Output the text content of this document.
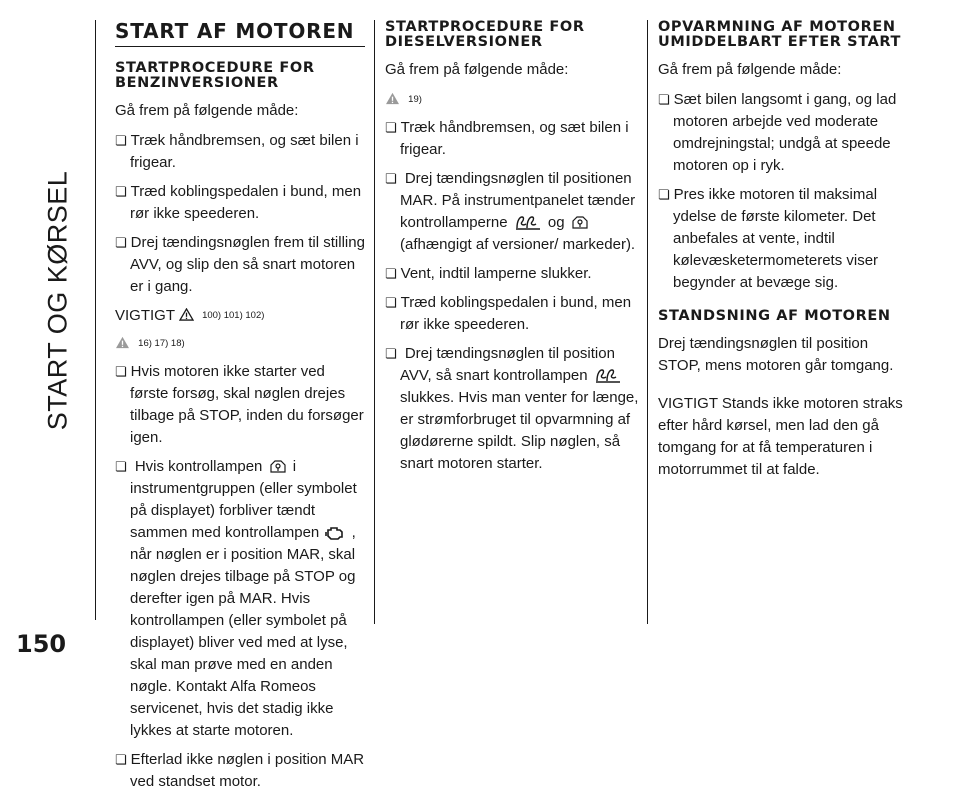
START OG KØRSEL
150
START AF MOTOREN
STARTPROCEDURE FOR BENZINVERSIONER

Gå frem på følgende måde:

❏ Træk håndbremsen, og sæt bilen i frigear.
❏ Træd koblingspedalen i bund, men rør ikke speederen.
❏ Drej tændingsnøglen frem til stilling AVV, og slip den så snart motoren er i gang.
VIGTIGT	100) 101) 102)
16) 17) 18)
❏ Hvis motoren ikke starter ved første forsøg, skal nøglen drejes tilbage på STOP, inden du forsøger igen.
❏ Hvis kontrollampen i instrumentgruppen (eller symbolet på displayet) forbliver tændt sammen med kontrollampen , når nøglen er i position MAR, skal nøglen drejes tilbage på STOP og derefter igen på MAR. Hvis kontrollampen (eller symbolet på displayet) bliver ved med at lyse, skal man prøve med en anden nøgle. Kontakt Alfa Romeos servicenet, hvis det stadig ikke lykkes at starte motoren.
❏ Efterlad ikke nøglen i position MAR ved standset motor.
STARTPROCEDURE FOR DIESELVERSIONER

Gå frem på følgende måde:

19)
❏ Træk håndbremsen, og sæt bilen i frigear.
❏ Drej tændingsnøglen til positionen MAR. På instrumentpanelet tænder kontrollamperne	og  (afhængigt af versioner/ markeder).
❏ Vent, indtil lamperne slukker.
❏ Træd koblingspedalen i bund, men rør ikke speederen.
❏ Drej tændingsnøglen til position AVV, så snart kontrollampen  slukkes. Hvis man venter for længe, er strømforbruget til opvarmning af glødørerne spildt. Slip nøglen, så snart motoren starter.
OPVARMNING AF MOTOREN UMIDDELBART EFTER START

Gå frem på følgende måde:

❏ Sæt bilen langsomt i gang, og lad motoren arbejde ved moderate omdrejningstal; undgå at speede motoren op i ryk.
❏ Pres ikke motoren til maksimal ydelse de første kilometer. Det anbefales at vente, indtil kølevæsketermometerets viser begynder at bevæge sig.
STANDSNING AF MOTOREN

Drej tændingsnøglen til position STOP, mens motoren går tomgang.

VIGTIGT Stands ikke motoren straks efter hård kørsel, men lad den gå tomgang for at få temperaturen i motorrummet til at falde.
